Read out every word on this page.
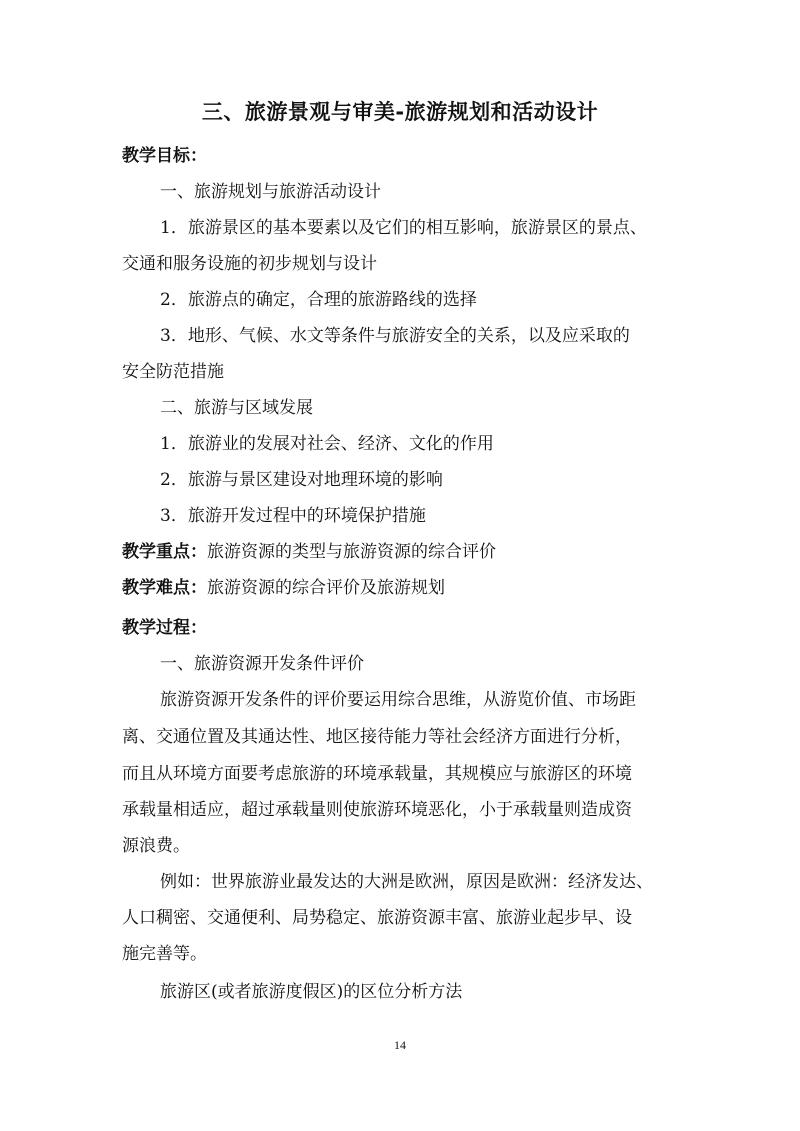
三、旅游景观与审美-旅游规划和活动设计
教学目标：
一、旅游规划与旅游活动设计
1．旅游景区的基本要素以及它们的相互影响，旅游景区的景点、
交通和服务设施的初步规划与设计
2．旅游点的确定，合理的旅游路线的选择
3．地形、气候、水文等条件与旅游安全的关系，以及应采取的
安全防范措施
二、旅游与区域发展
1．旅游业的发展对社会、经济、文化的作用
2．旅游与景区建设对地理环境的影响
3．旅游开发过程中的环境保护措施
教学重点：旅游资源的类型与旅游资源的综合评价
教学难点：旅游资源的综合评价及旅游规划
教学过程：
一、旅游资源开发条件评价
旅游资源开发条件的评价要运用综合思维，从游览价值、市场距
离、交通位置及其通达性、地区接待能力等社会经济方面进行分析，
而且从环境方面要考虑旅游的环境承载量，其规模应与旅游区的环境
承载量相适应，超过承载量则使旅游环境恶化，小于承载量则造成资
源浪费。
例如：世界旅游业最发达的大洲是欧洲，原因是欧洲：经济发达、
人口稠密、交通便利、局势稳定、旅游资源丰富、旅游业起步早、设
施完善等。
旅游区(或者旅游度假区)的区位分析方法
14
